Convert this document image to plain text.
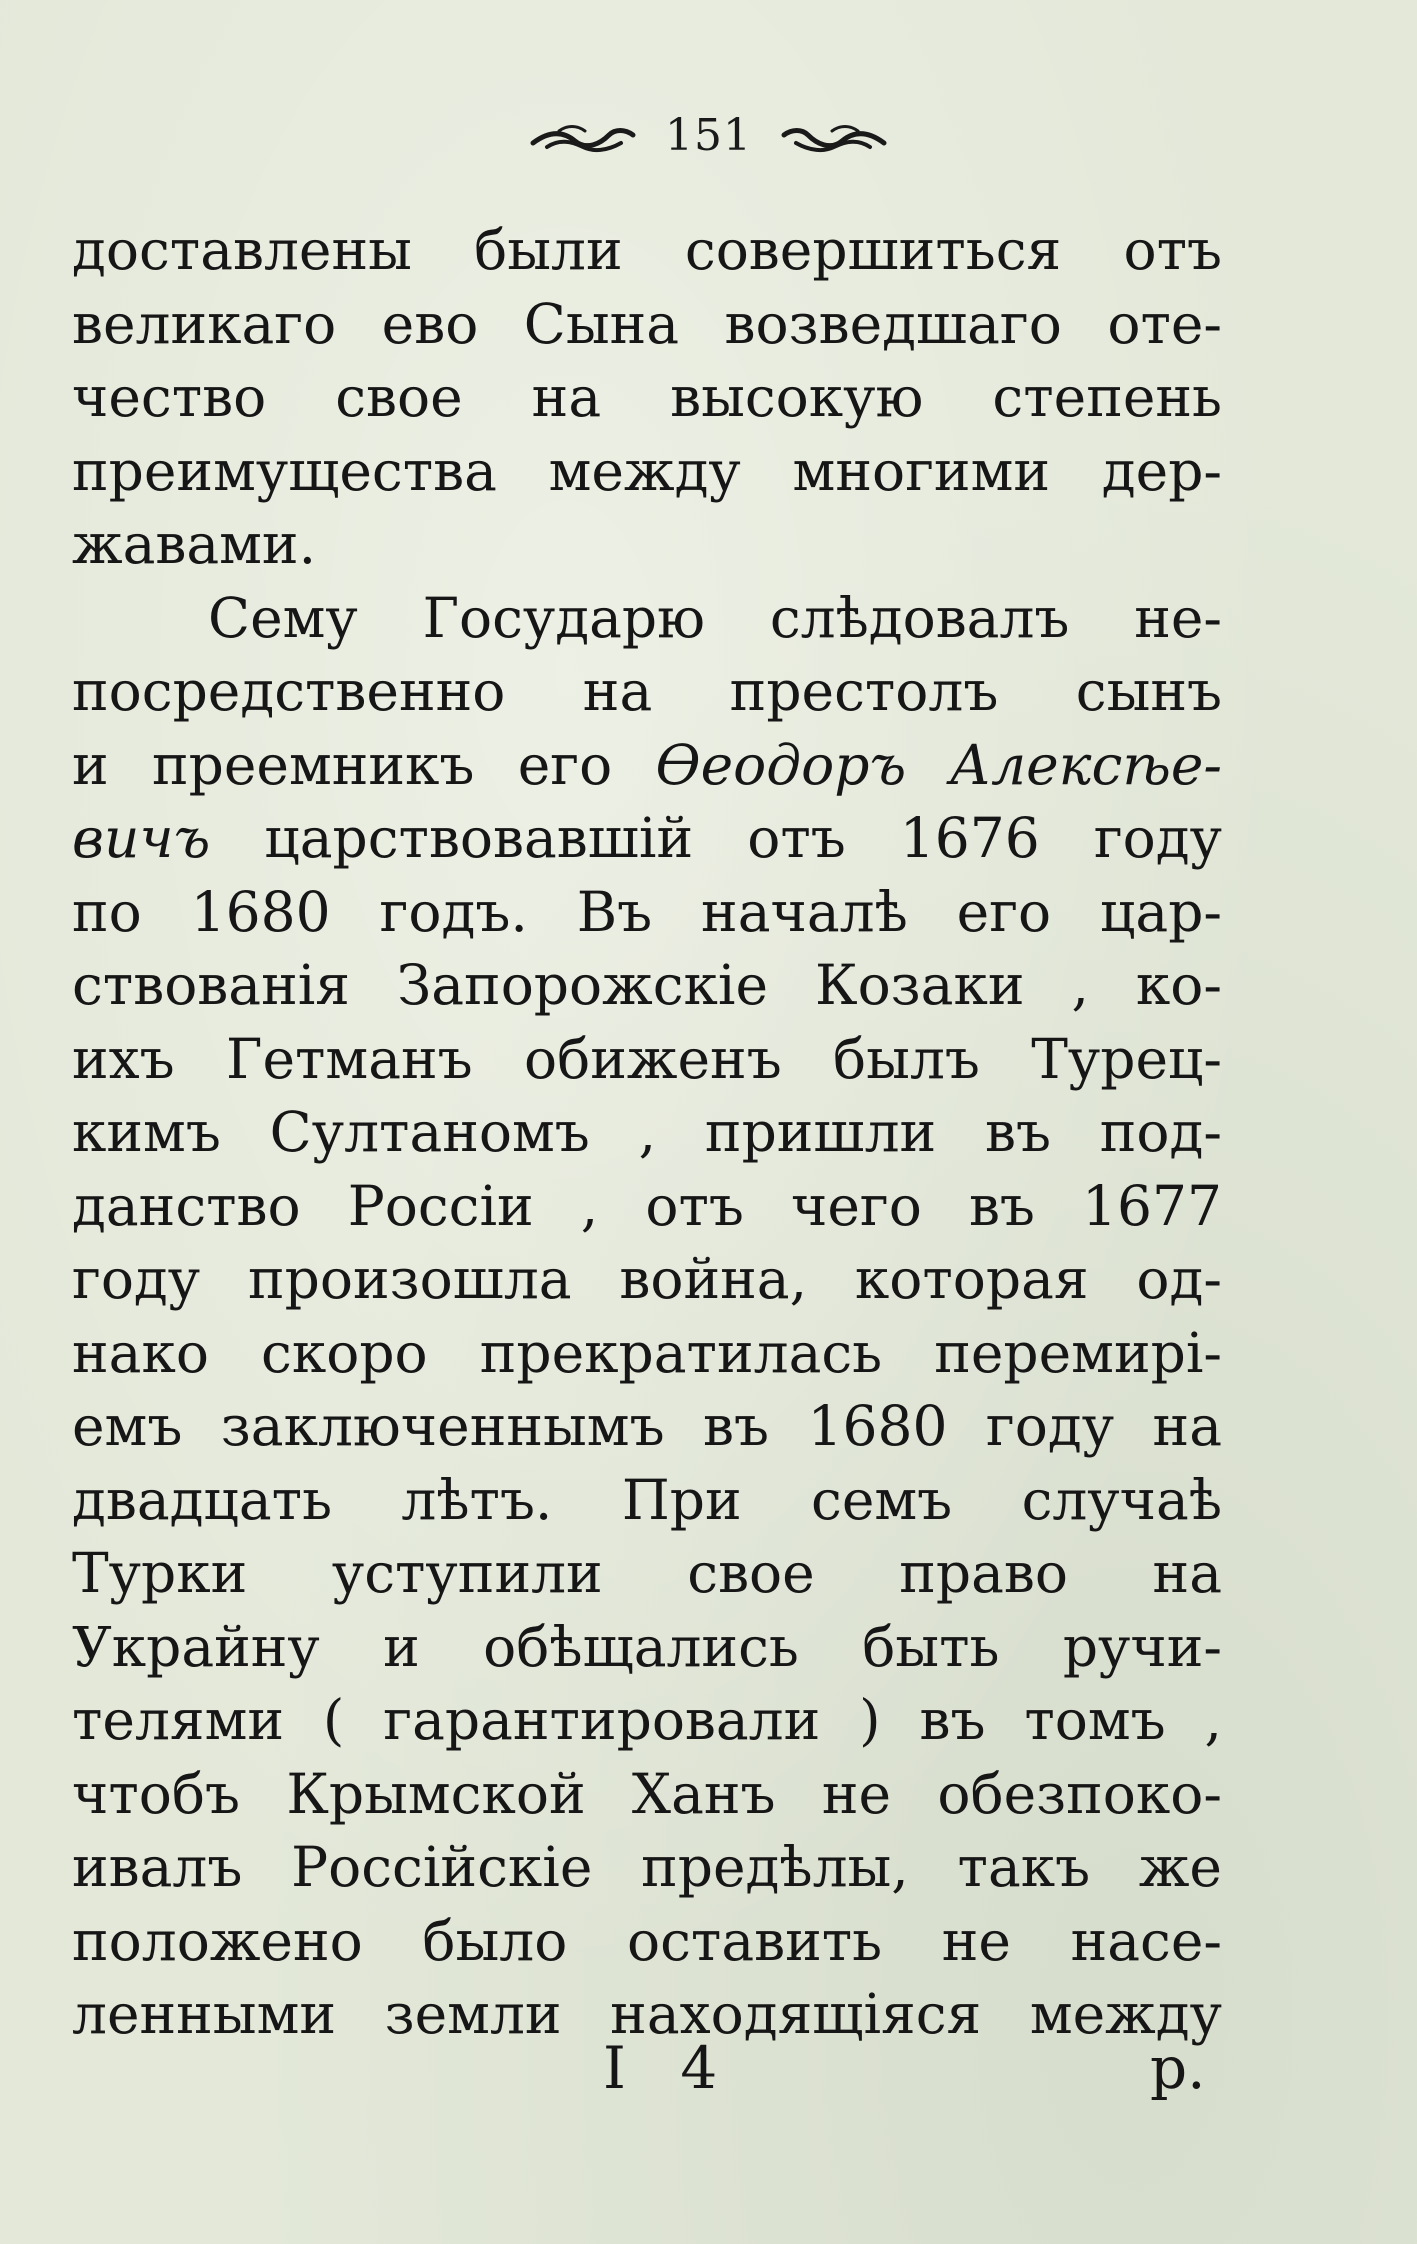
151
доставлены были совершиться отъ
великаго ево Сына возведшаго оте-
чество свое на высокую степень
преимущества между многими дер-
жавами.
Сему Государю слѣдовалъ не-
посредственно на престолъ сынъ
и преемникъ его Ѳеодоръ Алексѣе-
вичъ царствовавшій отъ 1676 году
по 1680 годъ. Въ началѣ его цар-
ствованія Запорожскіе Козаки , ко-
ихъ Гетманъ обиженъ былъ Турец-
кимъ Султаномъ , пришли въ под-
данство Россіи , отъ чего въ 1677
году произошла война, которая од-
нако скоро прекратилась перемирі-
емъ заключеннымъ въ 1680 году на
двадцать лѣтъ. При семъ случаѣ
Турки уступили свое право на
Украйну и обѣщались быть ручи-
телями ( гарантировали ) въ томъ ,
чтобъ Крымской Ханъ не обезпоко-
ивалъ Россійскіе предѣлы, такъ же
положено было оставить не насе-
ленными земли находящіяся между
I 4	р.
